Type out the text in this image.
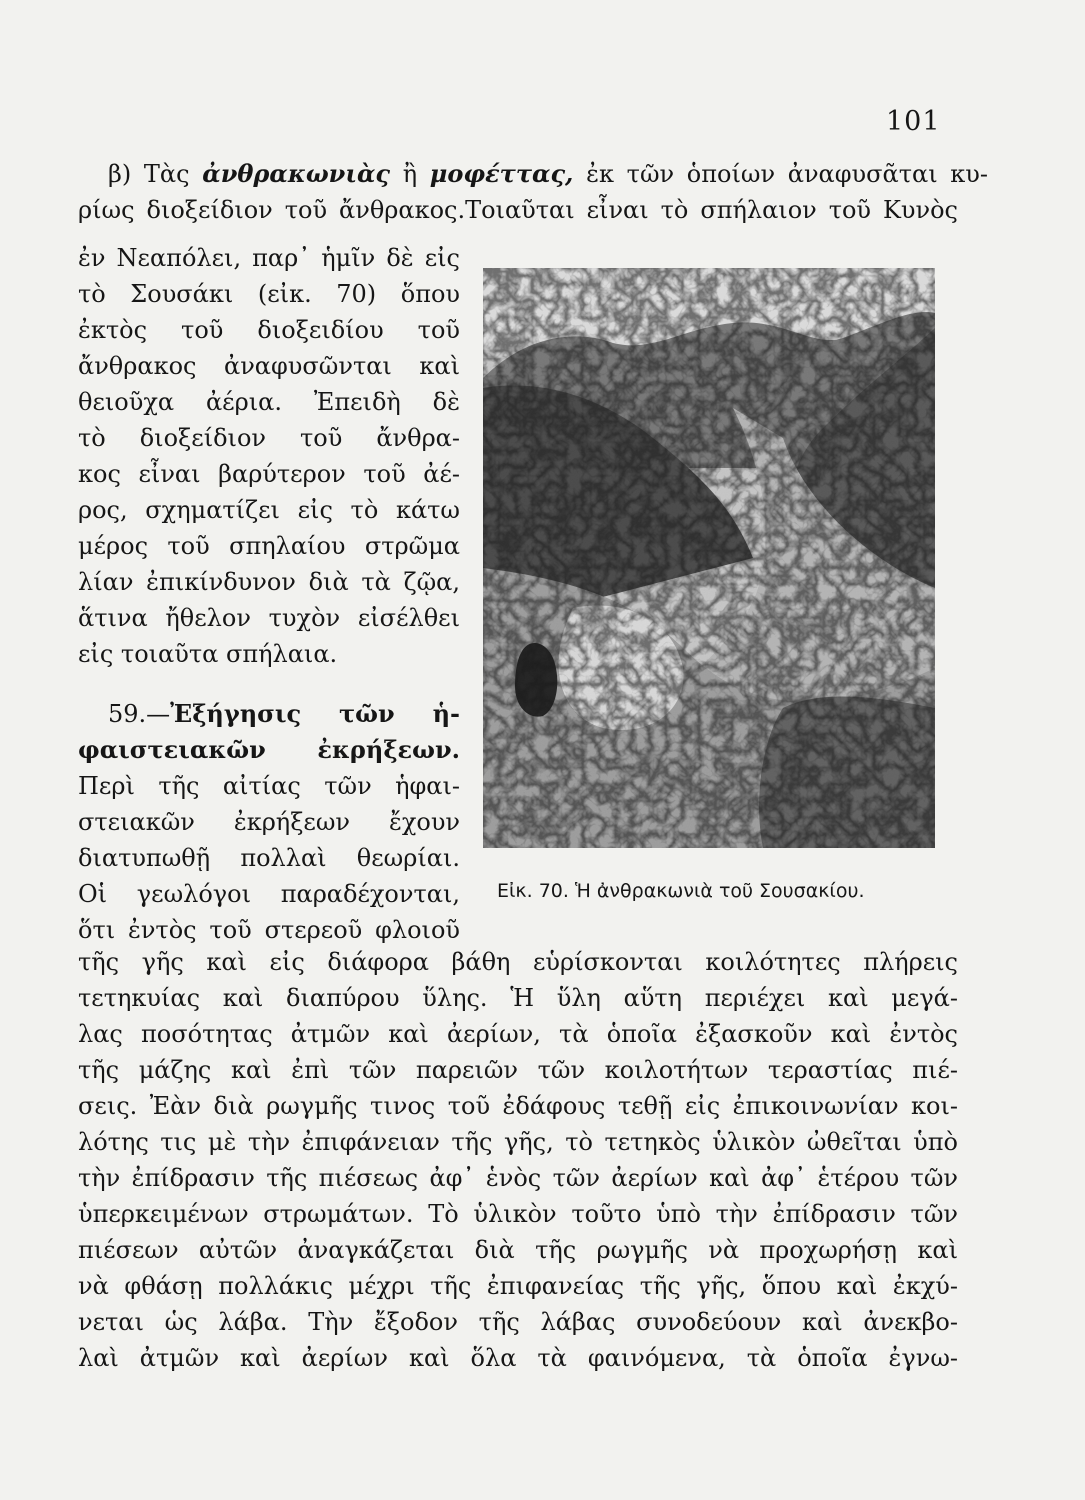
101
β) Τὰς ἀνθρακωνιὰς ἢ μοφέττας, ἐκ τῶν ὁποίων ἀναφυσᾶται κυ-
ρίως διοξείδιον τοῦ ἄνθρακος.Τοιαῦται εἶναι τὸ σπήλαιον τοῦ Κυνὸς
ἐν Νεαπόλει, παρ᾽ ἡμῖν δὲ εἰς
τὸ Σουσάκι (εἰκ. 70) ὅπου
ἐκτὸς τοῦ διοξειδίου τοῦ
ἄνθρακος ἀναφυσῶνται καὶ
θειοῦχα ἀέρια. Ἐπειδὴ δὲ
τὸ διοξείδιον τοῦ ἄνθρα-
κος εἶναι βαρύτερον τοῦ ἀέ-
ρος, σχηματίζει εἰς τὸ κάτω
μέρος τοῦ σπηλαίου στρῶμα
λίαν ἐπικίνδυνον διὰ τὰ ζῷα,
ἅτινα ἤθελον τυχὸν εἰσέλθει
εἰς τοιαῦτα σπήλαια.
59.—Ἐξήγησις τῶν ἡ-
φαιστειακῶν ἐκρήξεων.
Περὶ τῆς αἰτίας τῶν ἡφαι-
στειακῶν ἐκρήξεων ἔχουν
διατυπωθῇ πολλαὶ θεωρίαι.
Οἱ γεωλόγοι παραδέχονται,
ὅτι ἐντὸς τοῦ στερεοῦ φλοιοῦ
τῆς γῆς καὶ εἰς διάφορα βάθη εὑρίσκονται κοιλότητες πλήρεις
τετηκυίας καὶ διαπύρου ὕλης. Ἡ ὕλη αὕτη περιέχει καὶ μεγά-
λας ποσότητας ἀτμῶν καὶ ἀερίων, τὰ ὁποῖα ἐξασκοῦν καὶ ἐντὸς
τῆς μάζης καὶ ἐπὶ τῶν παρειῶν τῶν κοιλοτήτων τεραστίας πιέ-
σεις. Ἐὰν διὰ ρωγμῆς τινος τοῦ ἐδάφους τεθῇ εἰς ἐπικοινωνίαν κοι-
λότης τις μὲ τὴν ἐπιφάνειαν τῆς γῆς, τὸ τετηκὸς ὑλικὸν ὠθεῖται ὑπὸ
τὴν ἐπίδρασιν τῆς πιέσεως ἀφ᾽ ἑνὸς τῶν ἀερίων καὶ ἀφ᾽ ἑτέρου τῶν
ὑπερκειμένων στρωμάτων. Τὸ ὑλικὸν τοῦτο ὑπὸ τὴν ἐπίδρασιν τῶν
πιέσεων αὐτῶν ἀναγκάζεται διὰ τῆς ρωγμῆς νὰ προχωρήσῃ καὶ
νὰ φθάσῃ πολλάκις μέχρι τῆς ἐπιφανείας τῆς γῆς, ὅπου καὶ ἐκχύ-
νεται ὡς λάβα. Τὴν ἔξοδον τῆς λάβας συνοδεύουν καὶ ἀνεκβο-
λαὶ ἀτμῶν καὶ ἀερίων καὶ ὅλα τὰ φαινόμενα, τὰ ὁποῖα ἐγνω-
Εἰκ. 70. Ἡ ἀνθρακωνιὰ τοῦ Σουσακίου.
